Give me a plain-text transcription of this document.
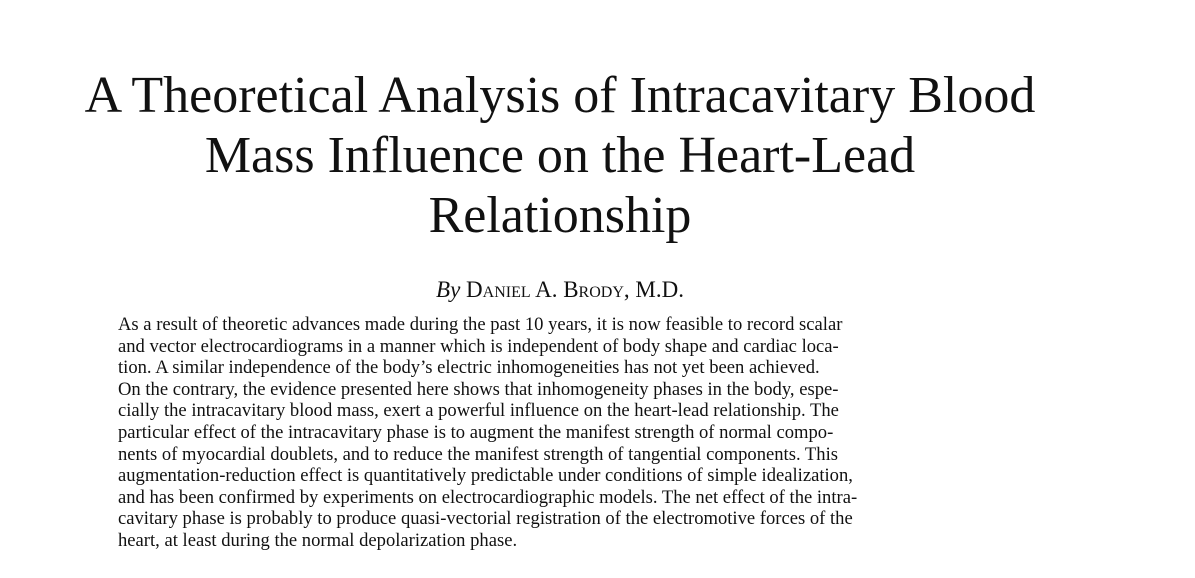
A Theoretical Analysis of Intracavitary Blood
Mass Influence on the Heart-Lead
Relationship
By Daniel A. Brody, M.D.
As a result of theoretic advances made during the past 10 years, it is now feasible to record scalar
and vector electrocardiograms in a manner which is independent of body shape and cardiac loca-
tion. A similar independence of the body’s electric inhomogeneities has not yet been achieved.
On the contrary, the evidence presented here shows that inhomogeneity phases in the body, espe-
cially the intracavitary blood mass, exert a powerful influence on the heart-lead relationship. The
particular effect of the intracavitary phase is to augment the manifest strength of normal compo-
nents of myocardial doublets, and to reduce the manifest strength of tangential components. This
augmentation-reduction effect is quantitatively predictable under conditions of simple idealization,
and has been confirmed by experiments on electrocardiographic models. The net effect of the intra-
cavitary phase is probably to produce quasi-vectorial registration of the electromotive forces of the
heart, at least during the normal depolarization phase.
